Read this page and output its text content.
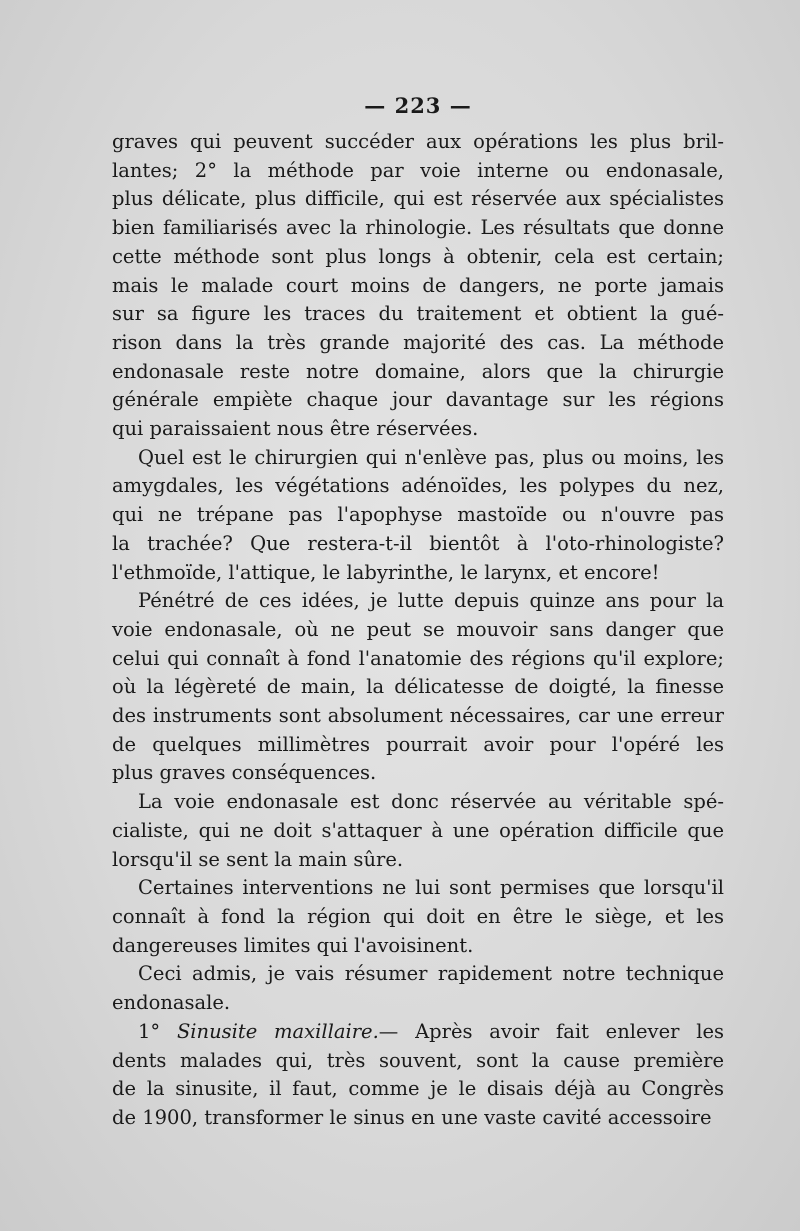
— 223 —
graves qui peuvent succéder aux opérations les plus bril-
lantes; 2° la méthode par voie interne ou endonasale,
plus délicate, plus difficile, qui est réservée aux spécialistes
bien familiarisés avec la rhinologie. Les résultats que donne
cette méthode sont plus longs à obtenir, cela est certain;
mais le malade court moins de dangers, ne porte jamais
sur sa figure les traces du traitement et obtient la gué-
rison dans la très grande majorité des cas. La méthode
endonasale reste notre domaine, alors que la chirurgie
générale empiète chaque jour davantage sur les régions
qui paraissaient nous être réservées.
Quel est le chirurgien qui n'enlève pas, plus ou moins, les
amygdales, les végétations adénoïdes, les polypes du nez,
qui ne trépane pas l'apophyse mastoïde ou n'ouvre pas
la trachée? Que restera-t-il bientôt à l'oto-rhinologiste?
l'ethmoïde, l'attique, le labyrinthe, le larynx, et encore!
Pénétré de ces idées, je lutte depuis quinze ans pour la
voie endonasale, où ne peut se mouvoir sans danger que
celui qui connaît à fond l'anatomie des régions qu'il explore;
où la légèreté de main, la délicatesse de doigté, la finesse
des instruments sont absolument nécessaires, car une erreur
de quelques millimètres pourrait avoir pour l'opéré les
plus graves conséquences.
La voie endonasale est donc réservée au véritable spé-
cialiste, qui ne doit s'attaquer à une opération difficile que
lorsqu'il se sent la main sûre.
Certaines interventions ne lui sont permises que lorsqu'il
connaît à fond la région qui doit en être le siège, et les
dangereuses limites qui l'avoisinent.
Ceci admis, je vais résumer rapidement notre technique
endonasale.
1° Sinusite maxillaire.— Après avoir fait enlever les
dents malades qui, très souvent, sont la cause première
de la sinusite, il faut, comme je le disais déjà au Congrès
de 1900, transformer le sinus en une vaste cavité accessoire
